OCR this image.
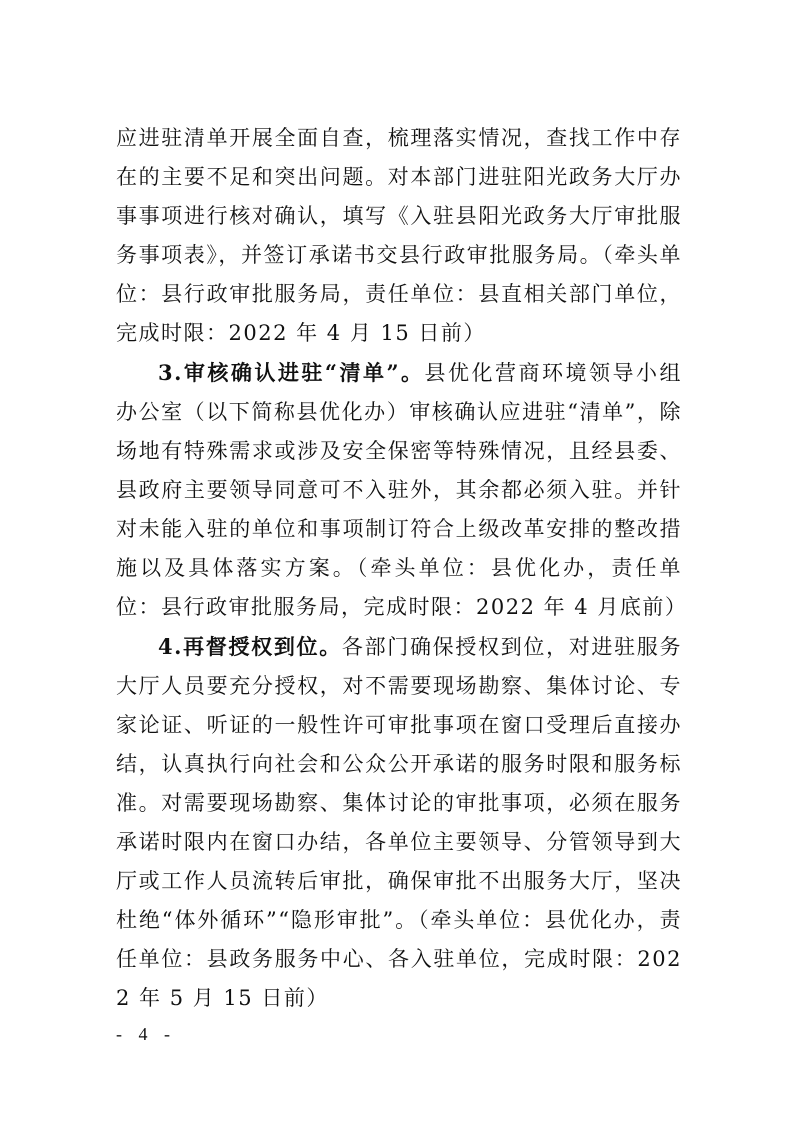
应进驻清单开展全面自查，梳理落实情况，查找工作中存在的主要不足和突出问题。对本部门进驻阳光政务大厅办事事项进行核对确认，填写《入驻县阳光政务大厅审批服务事项表》，并签订承诺书交县行政审批服务局。（牵头单位：县行政审批服务局，责任单位：县直相关部门单位，完成时限：2022 年 4 月 15 日前）

3.审核确认进驻“清单”。县优化营商环境领导小组办公室（以下简称县优化办）审核确认应进驻“清单”，除场地有特殊需求或涉及安全保密等特殊情况，且经县委、县政府主要领导同意可不入驻外，其余都必须入驻。并针对未能入驻的单位和事项制订符合上级改革安排的整改措施以及具体落实方案。（牵头单位：县优化办，责任单位：县行政审批服务局，完成时限：2022 年 4 月底前）

4.再督授权到位。各部门确保授权到位，对进驻服务大厅人员要充分授权，对不需要现场勘察、集体讨论、专家论证、听证的一般性许可审批事项在窗口受理后直接办结，认真执行向社会和公众公开承诺的服务时限和服务标准。对需要现场勘察、集体讨论的审批事项，必须在服务承诺时限内在窗口办结，各单位主要领导、分管领导到大厅或工作人员流转后审批，确保审批不出服务大厅，坚决杜绝“体外循环”“隐形审批”。（牵头单位：县优化办，责任单位：县政务服务中心、各入驻单位，完成时限：2022 年 5 月 15 日前）

- 4 -
